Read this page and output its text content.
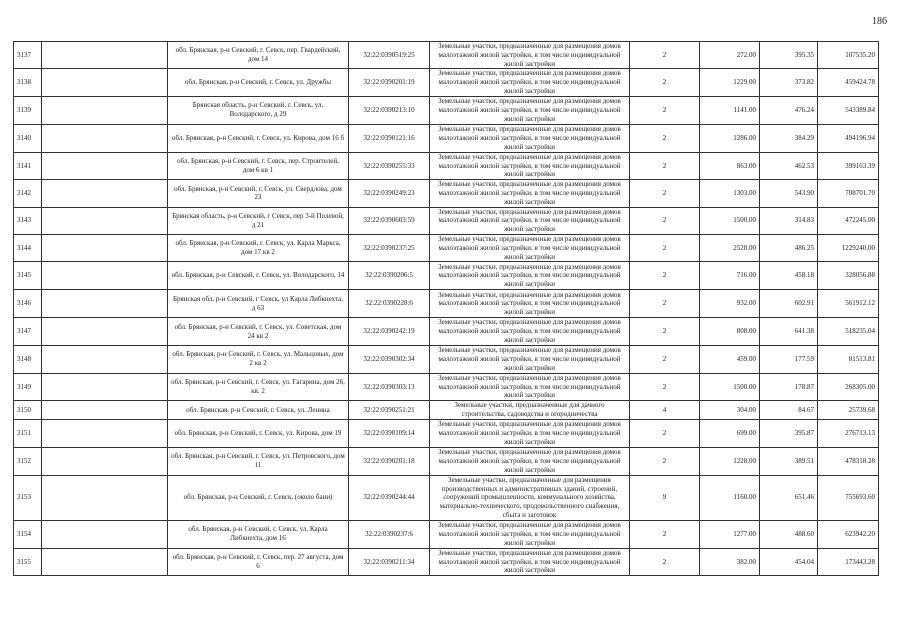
186
3137		обл. Брянская, р-н Севский, г. Севск, пер. Гвардейский, дом 14	32:22:0390519:25	Земельные участки, предназначенные для размещения домов малоэтажной жилой застройки, в том числе индивидуальной жилой застройки	2	272.00	395.35	107535.20
3138		обл. Брянская, р-н Севский, г. Севск, ул. Дружбы	32:22:0390201:19	Земельные участки, предназначенные для размещения домов малоэтажной жилой застройки, в том числе индивидуальной жилой застройки	2	1229.00	373.82	459424.78
3139		Брянская область, р-н Севский, г. Севск, ул. Володарского, д 29	32:22:0390213:10	Земельные участки, предназначенные для размещения домов малоэтажной жилой застройки, в том числе индивидуальной жилой застройки	2	1141.00	476.24	543389.84
3140		обл. Брянская, р-н Севский, г. Севск, ул. Кирова, дом 16 б	32:22:0390121:16	Земельные участки, предназначенные для размещения домов малоэтажной жилой застройки, в том числе индивидуальной жилой застройки	2	1286.00	384.29	494196.94
3141		обл. Брянская, р-н Севский, г. Севск, пер. Строителей, дом 6 кв 1	32:22:0390255:33	Земельные участки, предназначенные для размещения домов малоэтажной жилой застройки, в том числе индивидуальной жилой застройки	2	863.00	462.53	399163.39
3142		обл. Брянская, р-н Севский, г. Севск, ул. Свердлова, дом 23	32:22:0390249:23	Земельные участки, предназначенные для размещения домов малоэтажной жилой застройки, в том числе индивидуальной жилой застройки	2	1303.00	543.90	708701.70
3143		Брянская область, р-н Севский, г Севск, пер 3-й Полевой, д 21	32:22:0390603:59	Земельные участки, предназначенные для размещения домов малоэтажной жилой застройки, в том числе индивидуальной жилой застройки	2	1500.00	314.83	472245.00
3144		обл. Брянская, р-н Севский, г. Севск, ул. Карла Маркса, дом 17 кв 2	32:22:0390237:25	Земельные участки, предназначенные для размещения домов малоэтажной жилой застройки, в том числе индивидуальной жилой застройки	2	2528.00	486.25	1229240.00
3145		обл. Брянская, р-н Севский, г. Севск, ул. Володарского, 14	32:22:0390206:5	Земельные участки, предназначенные для размещения домов малоэтажной жилой застройки, в том числе индивидуальной жилой застройки	2	716.00	458.18	328056.88
3146		Брянская обл, р-н Севский, г Севск, ул Карла Либкнехта, д 63	32:22:0390228:6	Земельные участки, предназначенные для размещения домов малоэтажной жилой застройки, в том числе индивидуальной жилой застройки	2	932.00	602.91	561912.12
3147		обл. Брянская, р-н Севский, г. Севск, ул. Советская, дом 24 кв 2	32:22:0390242:19	Земельные участки, предназначенные для размещения домов малоэтажной жилой застройки, в том числе индивидуальной жилой застройки	2	808.00	641.38	518235.04
3148		обл. Брянская, р-н Севский, г. Севск, ул. Мальцовых, дом 2 кв 2	32:22:0390302:34	Земельные участки, предназначенные для размещения домов малоэтажной жилой застройки, в том числе индивидуальной жилой застройки	2	459.00	177.59	81513.81
3149		обл. Брянская, р-н Севский, г. Севск, ул. Гагарина, дом 26, кв. 2	32:22:0390303:13	Земельные участки, предназначенные для размещения домов малоэтажной жилой застройки, в том числе индивидуальной жилой застройки	2	1500.00	178.87	268305.00
3150		обл. Брянская, р-н Севский, г. Севск, ул. Ленина	32:22:0390251:21	Земельные участки, предназначенные для дачного строительства, садоводства и огородничества	4	304.00	84.67	25739.68
3151		обл. Брянская, р-н Севский, г. Севск, ул. Кирова, дом 19	32:22:0390109:14	Земельные участки, предназначенные для размещения домов малоэтажной жилой застройки, в том числе индивидуальной жилой застройки	2	699.00	395.87	276713.13
3152		обл. Брянская, р-н Севский, г. Севск, ул. Петровского, дом 11	32:22:0390201:18	Земельные участки, предназначенные для размещения домов малоэтажной жилой застройки, в том числе индивидуальной жилой застройки	2	1228.00	389.51	478318.28
3153		обл. Брянская, р-н Севский, г. Севск, (около бани)	32:22:0390244:44	Земельные участки, предназначенные для размещения производственных и административных зданий, строений, сооружений промышленности, коммунального хозяйства, материально-технического, продовольственного снабжения, сбыта и заготовок	9	1160.00	651.46	755693.60
3154		обл. Брянская, р-н Севский, г. Севск, ул. Карла Либкнехта, дом 16	32:22:0390237:6	Земельные участки, предназначенные для размещения домов малоэтажной жилой застройки, в том числе индивидуальной жилой застройки	2	1277.00	488.60	623942.20
3155		обл. Брянская, р-н Севский, г. Севск, пер. 27 августа, дом 6	32:22:0390211:34	Земельные участки, предназначенные для размещения домов малоэтажной жилой застройки, в том числе индивидуальной жилой застройки	2	382.00	454.04	173443.28
